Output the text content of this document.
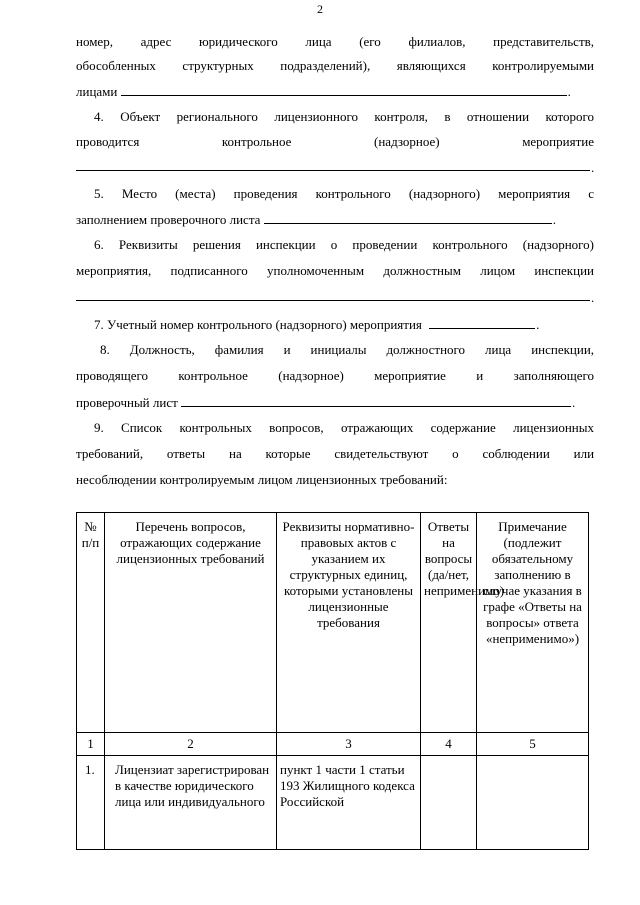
2
номер, адрес юридического лица (его филиалов, представительств,
обособленных структурных подразделений), являющихся контролируемыми
лицами	.
4. Объект регионального лицензионного контроля, в отношении которого
проводится	контрольное	(надзорное)	мероприятие
.
5. Место (места) проведения контрольного (надзорного) мероприятия с
заполнением проверочного листа	.
6. Реквизиты решения инспекции о проведении контрольного (надзорного)
мероприятия, подписанного уполномоченным должностным лицом инспекции
.
7. Учетный номер контрольного (надзорного) мероприятия	.
8. Должность, фамилия и инициалы должностного лица инспекции,
проводящего контрольное (надзорное) мероприятие и заполняющего
проверочный лист	.
9. Список контрольных вопросов, отражающих содержание лицензионных
требований, ответы на которые свидетельствуют о соблюдении или
несоблюдении контролируемым лицом лицензионных требований:
№ п/п	Перечень вопросов, отражающих содержание лицензионных требований	Реквизиты нормативно-правовых актов с указанием их структурных единиц, которыми установлены лицензионные требования	Ответы на вопросы (да/нет, неприменимо)	Примечание (подлежит обязательному заполнению в случае указания в графе «Ответы на вопросы» ответа «неприменимо»)
1	2	3	4	5
1.	Лицензиат зарегистрирован в качестве юридического лица или индивидуального	пункт 1 части 1 статьи 193 Жилищного кодекса Российской		
